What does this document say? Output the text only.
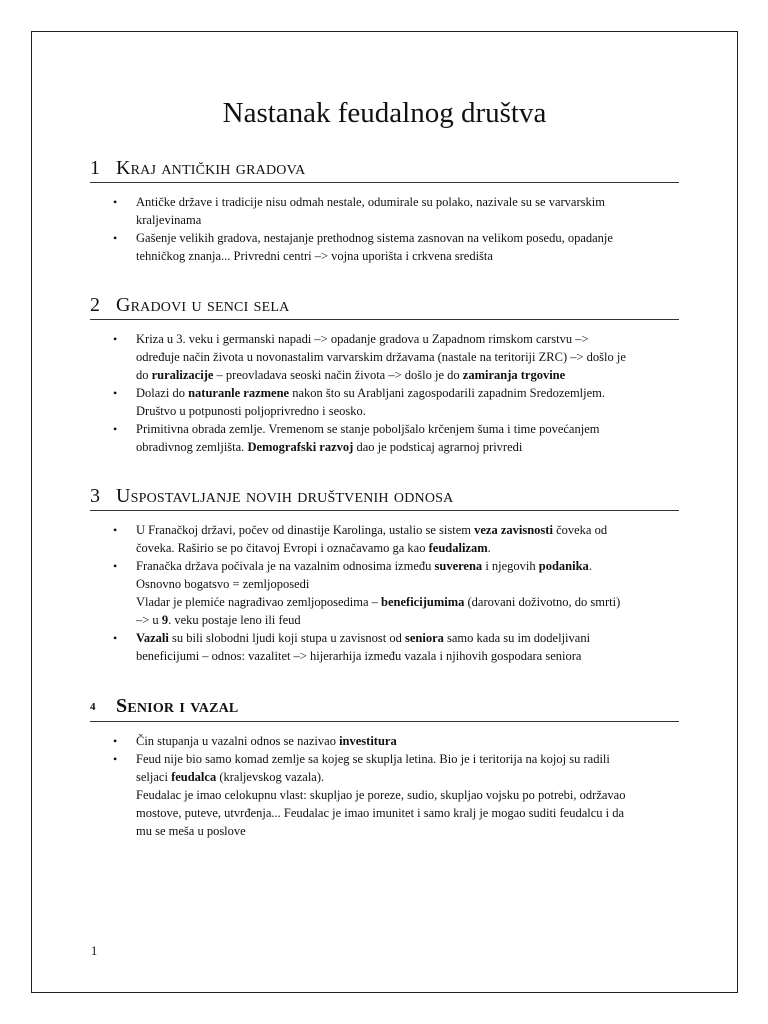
Nastanak feudalnog društva
1 Kraj antičkih gradova
• Antičke države i tradicije nisu odmah nestale, odumirale su polako, nazivale su se varvarskim
kraljevinama
• Gašenje velikih gradova, nestajanje prethodnog sistema zasnovan na velikom posedu, opadanje
tehničkog znanja... Privredni centri –> vojna uporišta i crkvena središta
2 Gradovi u senci sela
• Kriza u 3. veku i germanski napadi –> opadanje gradova u Zapadnom rimskom carstvu –>
određuje način života u novonastalim varvarskim državama (nastale na teritoriji ZRC) –> došlo je
do ruralizacije – preovladava seoski način života –> došlo je do zamiranja trgovine
• Dolazi do naturanle razmene nakon što su Arabljani zagospodarili zapadnim Sredozemljem.
Društvo u potpunosti poljoprivredno i seosko.
• Primitivna obrada zemlje. Vremenom se stanje poboljšalo krčenjem šuma i time povećanjem
obradivnog zemljišta. Demografski razvoj dao je podsticaj agrarnoj privredi
3 Uspostavljanje novih društvenih odnosa
• U Franačkoj državi, počev od dinastije Karolinga, ustalio se sistem veza zavisnosti čoveka od
čoveka. Raširio se po čitavoj Evropi i označavamo ga kao feudalizam.
• Franačka država počivala je na vazalnim odnosima između suverena i njegovih podanika.
Osnovno bogatsvo = zemljoposedi
Vladar je plemiće nagrađivao zemljoposedima – beneficijumima (darovani doživotno, do smrti)
–> u 9. veku postaje leno ili feud
• Vazali su bili slobodni ljudi koji stupa u zavisnost od seniora samo kada su im dodeljivani
beneficijumi – odnos: vazalitet –> hijerarhija između vazala i njihovih gospodara seniora
4 Senior i vazal
• Čin stupanja u vazalni odnos se nazivao investitura
• Feud nije bio samo komad zemlje sa kojeg se skupljа letina. Bio je i teritorija na kojoj su radili
seljaci feudalca (kraljevskog vazala).
Feudalac je imao celokupnu vlast: skupljao je poreze, sudio, skupljao vojsku po potrebi, održavao
mostove, puteve, utvrđenja... Feudalac je imao imunitet i samo kralj je mogao suditi feudalcu i da
mu se meša u poslove
1
